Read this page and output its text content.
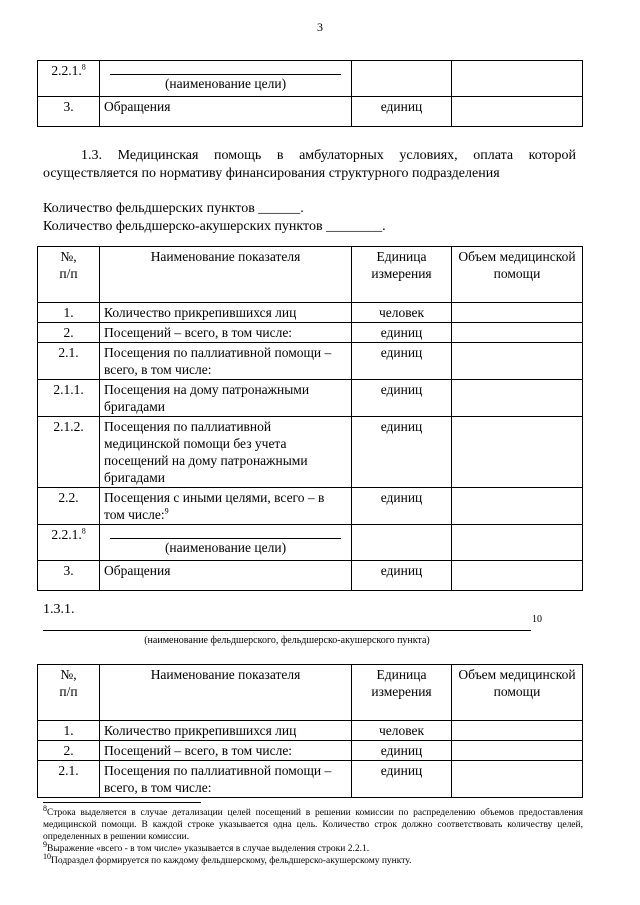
3
2.2.1.$^8$	(наименование цели)		

3.	Обращения	единиц	
1.3. Медицинская помощь в амбулаторных условиях, оплата которой осуществляется по нормативу финансирования структурного подразделения
Количество фельдшерских пунктов ______.
Количество фельдшерско-акушерских пунктов ________.
№,
п/п	Наименование показателя	Единица измерения	Объем медицинской помощи
1.	Количество прикрепившихся лиц	человек	
2.	Посещений – всего, в том числе:	единиц	
2.1.	Посещения по паллиативной помощи – всего, в том числе:	единиц	
2.1.1.	Посещения на дому патронажными бригадами	единиц	
2.1.2.	Посещения по паллиативной медицинской помощи без учета посещений на дому патронажными бригадами	единиц	
2.2.	Посещения с иными целями, всего – в том числе:$^9$	единиц	
2.2.1.$^8$	(наименование цели)		

3.	Обращения	единиц	
1.3.1.
10
(наименование фельдшерского, фельдшерско-акушерского пункта)
№,
п/п	Наименование показателя	Единица измерения	Объем медицинской помощи
1.	Количество прикрепившихся лиц	человек	
2.	Посещений – всего, в том числе:	единиц	
2.1.	Посещения по паллиативной помощи – всего, в том числе:	единиц	
$^8$Строка выделяется в случае детализации целей посещений в решении комиссии по распределению объемов предоставления медицинской помощи. В каждой строке указывается одна цель. Количество строк должно соответствовать количеству целей, определенных в решении комиссии.
$^9$Выражение «всего - в том числе» указывается в случае выделения строки 2.2.1.
$^{10}$Подраздел формируется по каждому фельдшерскому, фельдшерско-акушерскому пункту.
